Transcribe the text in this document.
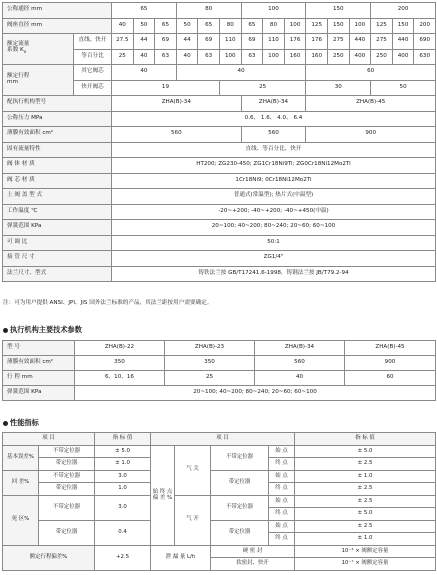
公称通经 mm		65			80			100			150			200		
阀座直径 mm		40	50	65	50	65	80	65	80	100	125	150	100	125	150	200
额定流量
系数 $K_v$	直线、快开	27.5	44	69	44	69	110	69	110	176	176	275	440	275	440	690
	等百分比	25	40	63	40	63	100	63	100	160	160	250	400	250	400	630
额定行程
mm	其它阀芯	40			40						60					
	快开阀芯	19					25				30			50		
配执行机构型号		ZHA(B)-34						ZHA(B)-34			ZHA(B)-45					
公称压力 MPa		0.6、 1.6、 4.0、 6.4														
薄膜有效面积 cm²		560						560			900					
固有流量特性		直线、等百分比、快开														
阀 体 材 质		HT200; ZG230-450; ZG1Cr18Ni9Ti; ZG0Cr18Ni12Mo2Ti														
阀 芯 材 质		1Cr18Ni9; 0Cr18Ni12Mo2Ti														
上 阀 盖 型 式		普通式(常温型); 热片式(中温型)														
工作温度 ℃		-20~+200; -40~+200; -40~+450(中温)														
弹簧范围 KPa		20~100; 40~200; 80~240; 20~60; 60~100														
可 调 比		50:1														
接 管 尺 寸		ZG1/4"														
法兰尺寸、型式		铸铁法兰按 GB/T17241.6-1998，铸钢法兰按 JB/T79.2-94														
注：可为用户提供 ANSI、JPI、JIS 国外法兰标准的产品，其法兰距按用户需要确定。
执行机构主要技术参数
型 号	ZHA(B)-22	ZHA(B)-23	ZHA(B)-34	ZHA(B)-45
薄膜有效面积 cm²	350	350	560	900
行 程 mm	6、10、16	25	40	60
弹簧范围 KPa	20~100; 40~200; 80~240; 20~60; 60~100			
性能指标
项 目		指 标 值	项 目				指 标 值
基本误差%	不带定位器	± 5.0	始 终 点 偏 差 %	气 关	不带定位器	始 点	± 5.0
	带定位器	± 1.0				终 点	± 2.5
回 差%	不带定位器	3.0			带定位器	始 点	± 1.0
	带定位器	1.0				终 点	± 2.5
死 区%	不带定位器	3.0		气 开	不带定位器	始 点	± 2.5
						终 点	± 5.0
	带定位器	0.4			带定位器	始 点	± 2.5
						终 点	± 1.0
额定行程偏差%		+2.5	泄 漏 量 L/h		硬 密 封		10⁻⁴ × 阀额定容量
					软密封、快开		10⁻⁷ × 阀额定容量
